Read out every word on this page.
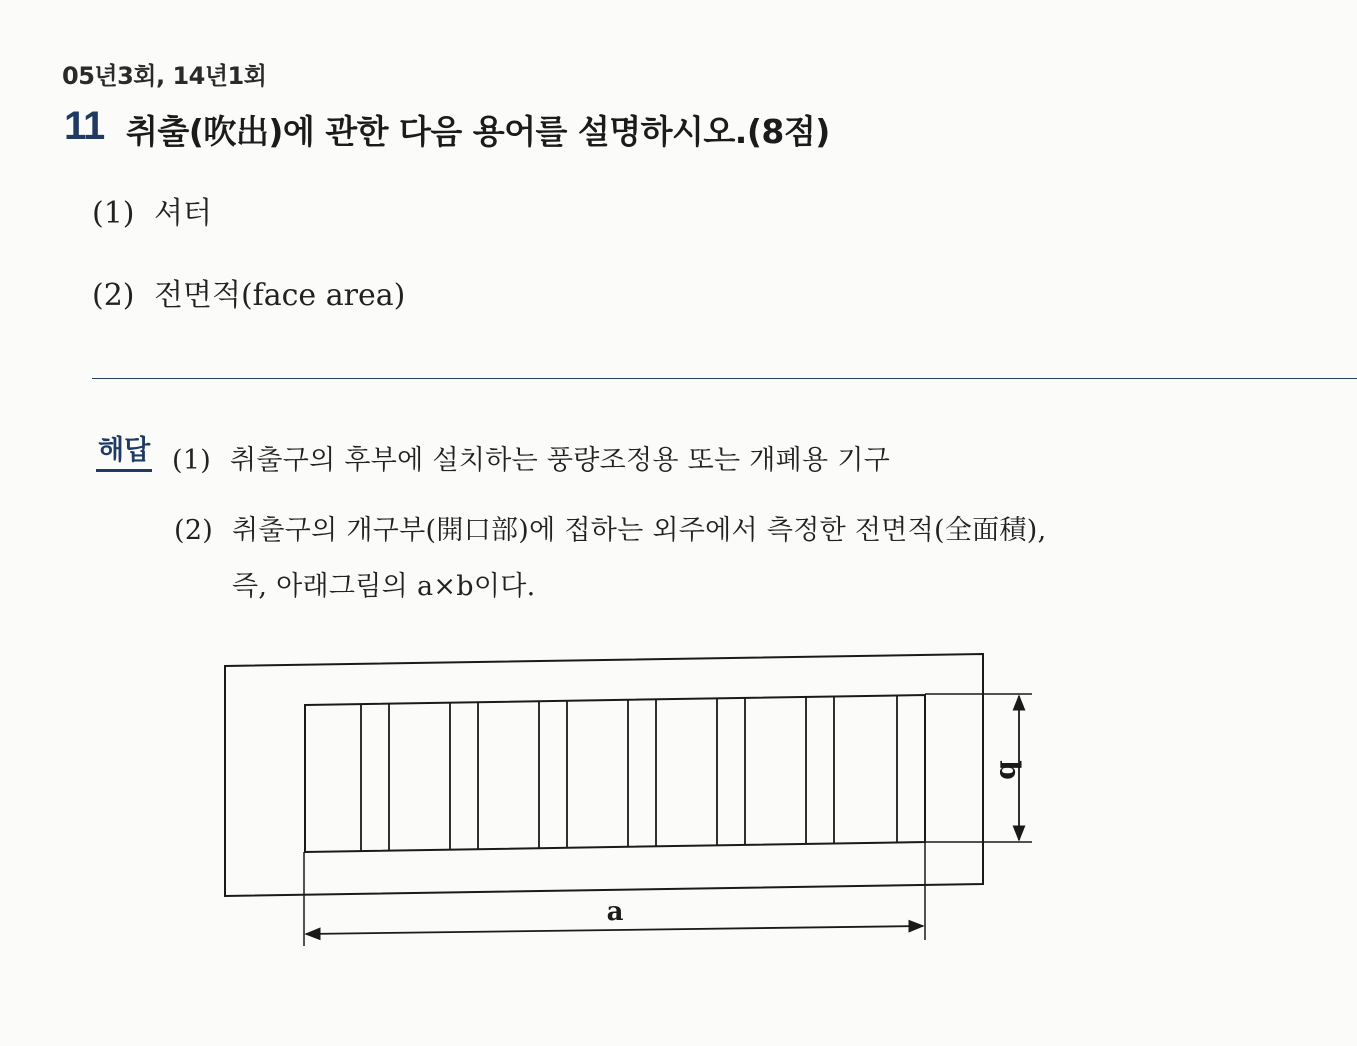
05년3회, 14년1회
11 취출(吹出)에 관한 다음 용어를 설명하시오.(8점)
(1) 셔터
(2) 전면적(face area)
해답 (1) 취출구의 후부에 설치하는 풍량조정용 또는 개폐용 기구
(2) 취출구의 개구부(開口部)에 접하는 외주에서 측정한 전면적(全面積),
즉, 아래그림의 a×b이다.
b
a
